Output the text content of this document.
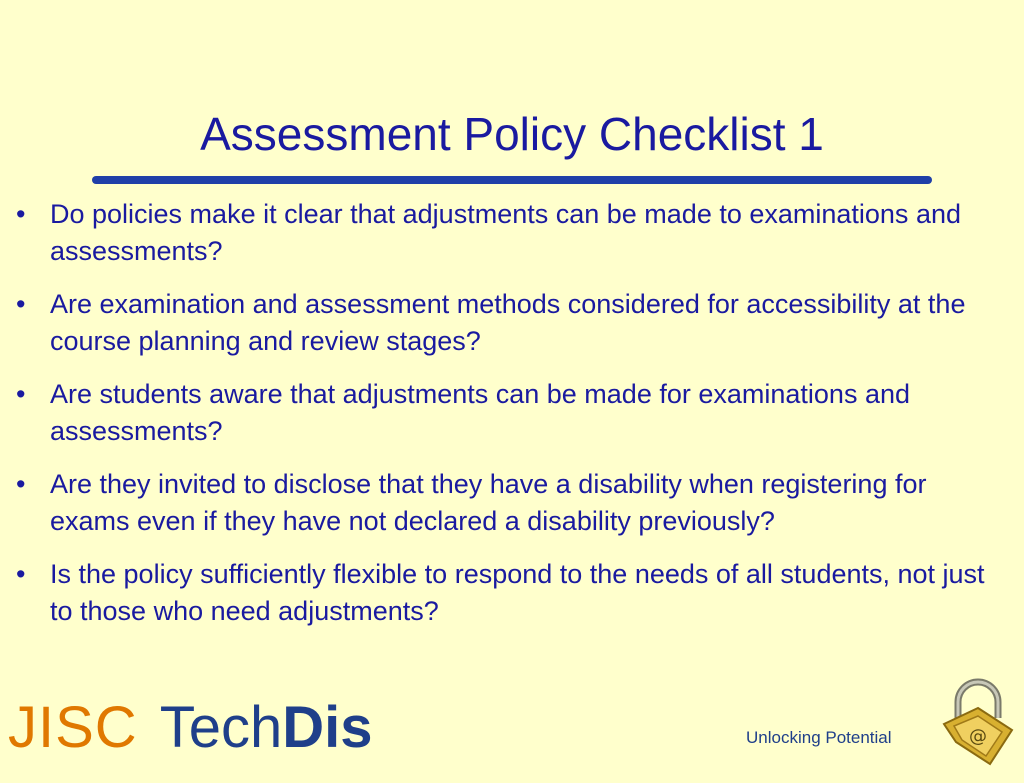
Assessment Policy Checklist 1
• Do policies make it clear that adjustments can be made to examinations and assessments?
• Are examination and assessment methods considered for accessibility at the course planning and review stages?
• Are students aware that adjustments can be made for examinations and assessments?
• Are they invited to disclose that they have a disability when registering for exams even if they have not declared a disability previously?
• Is the policy sufficiently flexible to respond to the needs of all students, not just to those who need adjustments?
JISC TechDis	Unlocking Potential	@
